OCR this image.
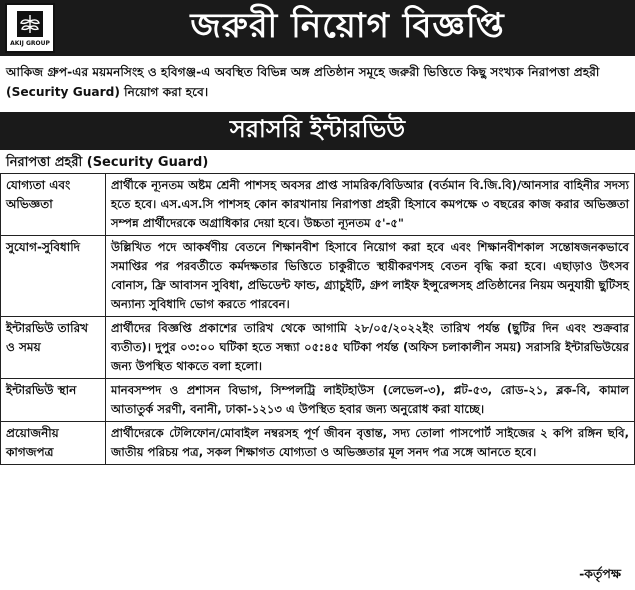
AKIJ GROUP	জরুরী নিয়োগ বিজ্ঞপ্তি

আকিজ গ্রুপ-এর ময়মনসিংহ ও হবিগঞ্জ-এ অবস্থিত বিভিন্ন অঙ্গ প্রতিষ্ঠান সমূহে জরুরী ভিত্তিতে কিছু সংখ্যক নিরাপত্তা প্রহরী (Security Guard) নিয়োগ করা হবে।

সরাসরি ইন্টারভিউ
নিরাপত্তা প্রহরী (Security Guard)
যোগ্যতা এবং অভিজ্ঞতা	প্রার্থীকে ন্যূনতম অষ্টম শ্রেনী পাশসহ অবসর প্রাপ্ত সামরিক/বিডিআর (বর্তমান বি.জি.বি)/আনসার বাহিনীর সদস্য হতে হবে। এস.এস.সি পাশসহ কোন কারখানায় নিরাপত্তা প্রহরী হিসাবে কমপক্ষে ৩ বছরের কাজ করার অভিজ্ঞতা সম্পন্ন প্রার্থীদেরকে অগ্রাধিকার দেয়া হবে। উচ্চতা ন্যূনতম ৫'-৫"
সুযোগ-সুবিধাদি	উল্লিখিত পদে আকর্ষণীয় বেতনে শিক্ষানবীশ হিসাবে নিয়োগ করা হবে এবং শিক্ষানবীশকাল সন্তোষজনকভাবে সমাপ্তির পর পরবর্তীতে কর্মদক্ষতার ভিত্তিতে চাকুরীতে স্থায়ীকরণসহ বেতন বৃদ্ধি করা হবে। এছাড়াও উৎসব বোনাস, ফ্রি আবাসন সুবিধা, প্রভিডেন্ট ফান্ড, গ্র্যাচুইটি, গ্রুপ লাইফ ইন্সুরেন্সসহ প্রতিষ্ঠানের নিয়ম অনুযায়ী ছুটিসহ অন্যান্য সুবিধাদি ভোগ করতে পারবেন।
ইন্টারভিউ তারিখ ও সময়	প্রার্থীদের বিজ্ঞপ্তি প্রকাশের তারিখ থেকে আগামি ২৮/০৫/২০২২ইং তারিখ পর্যন্ত (ছুটির দিন এবং শুক্রবার ব্যতীত)। দুপুর ০৩:০০ ঘটিকা হতে সন্ধ্যা ০৫:৪৫ ঘটিকা পর্যন্ত (অফিস চলাকালীন সময়) সরাসরি ইন্টারভিউয়ের জন্য উপস্থিত থাকতে বলা হলো।
ইন্টারভিউ স্থান	মানবসম্পদ ও প্রশাসন বিভাগ, সিম্পলট্রি লাইটহাউস (লেভেল-৩), প্লট-৫৩, রোড-২১, ব্লক-বি, কামাল আতাতুর্ক সরণী, বনানী, ঢাকা-১২১৩ এ উপস্থিত হবার জন্য অনুরোধ করা যাচ্ছে।
প্রয়োজনীয় কাগজপত্র	প্রার্থীদেরকে টেলিফোন/মোবাইল নম্বরসহ পূর্ণ জীবন বৃত্তান্ত, সদ্য তোলা পাসপোর্ট সাইজের ২ কপি রঙ্গিন ছবি, জাতীয় পরিচয় পত্র, সকল শিক্ষাগত যোগ্যতা ও অভিজ্ঞতার মূল সনদ পত্র সঙ্গে আনতে হবে।
-কর্তৃপক্ষ
